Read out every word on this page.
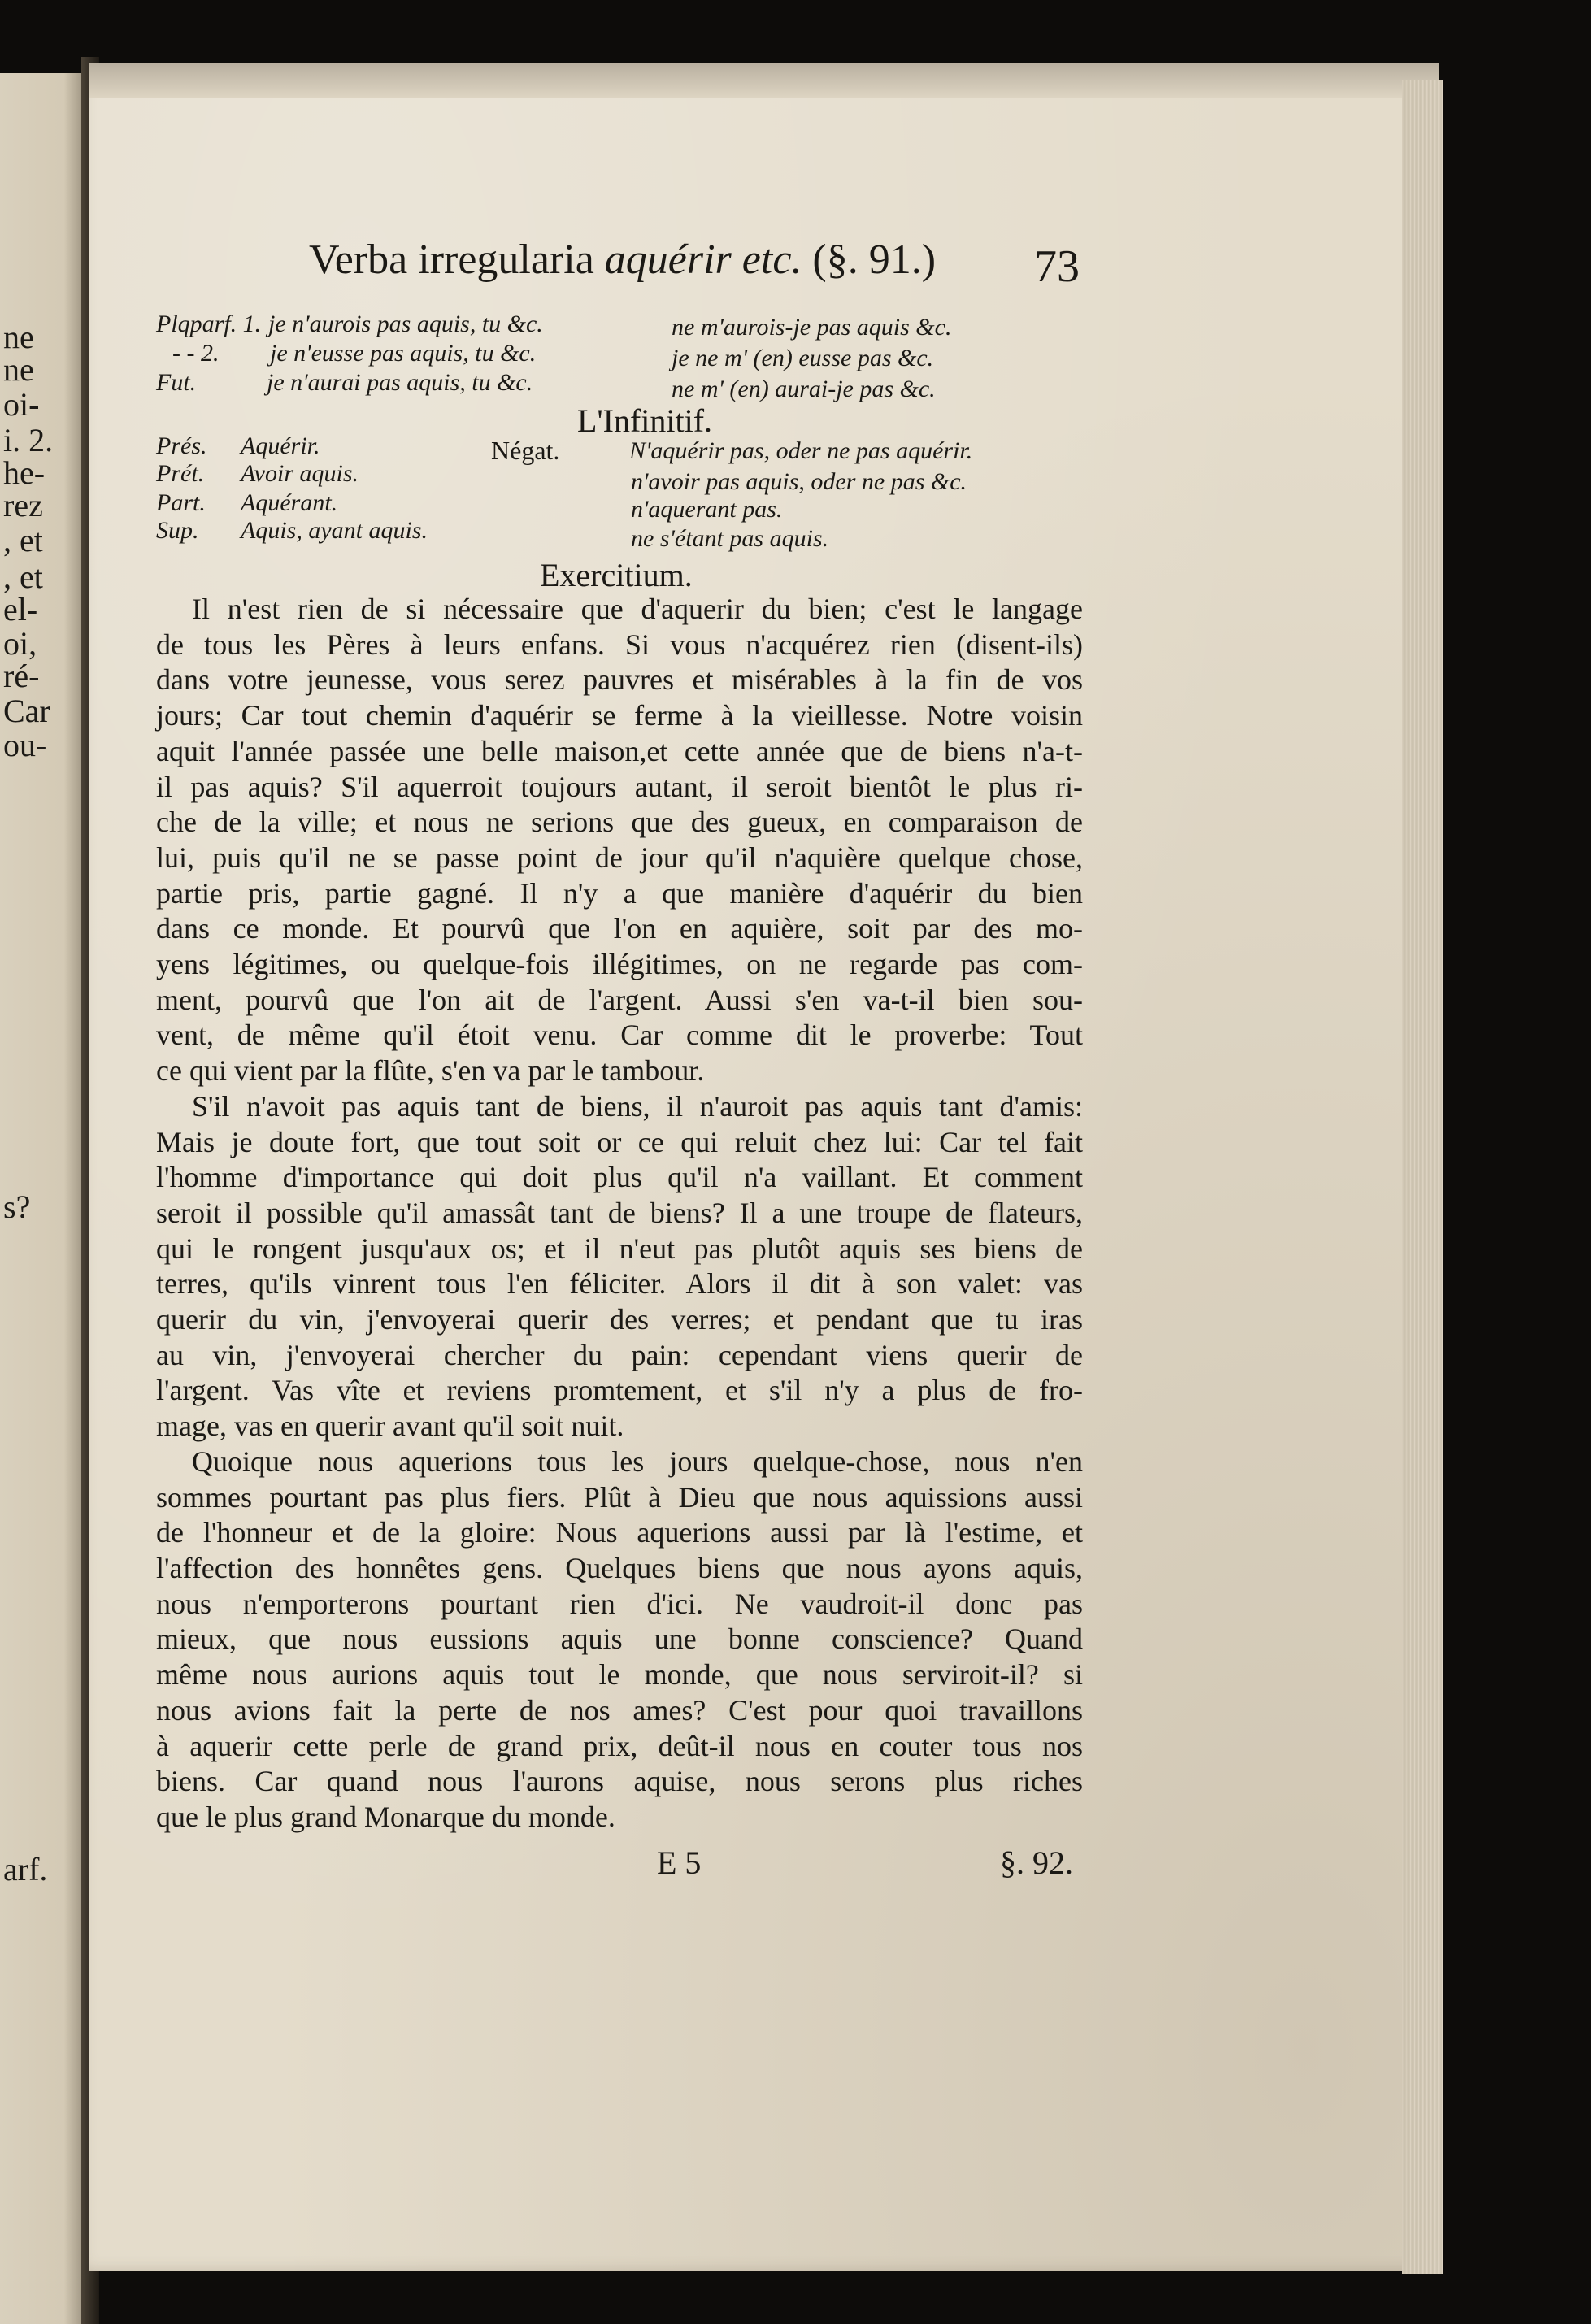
ne
ne
oi-
i. 2.
he-
rez
, et
, et
el-
oi,
ré-
Car
ou-
s?
arf.
Verba irregularia aquérir etc. (§. 91.) 73
Plqparf. 1. je n'aurois pas aquis, tu &c.	ne m'aurois-je pas aquis &c.
- - 2. je n'eusse pas aquis, tu &c.	je ne m' (en) eusse pas &c.
Fut.	je n'aurai pas aquis, tu &c.	ne m' (en) aurai-je pas &c.
L'Infinitif.
Négat.
Prés. Aquérir.	N'aquérir pas, oder ne pas aquérir.
Prét. Avoir aquis.	n'avoir pas aquis, oder ne pas &c.
Part. Aquérant.	n'aquerant pas.
Sup. Aquis, ayant aquis.	ne s'étant pas aquis.
Exercitium.

Il n'est rien de si nécessaire que d'aquerir du bien; c'est le langage
de tous les Pères à leurs enfans. Si vous n'acquérez rien (disent-ils)
dans votre jeunesse, vous serez pauvres et misérables à la fin de vos
jours; Car tout chemin d'aquérir se ferme à la vieillesse. Notre voisin
aquit l'année passée une belle maison,et cette année que de biens n'a-t-
il pas aquis? S'il aquerroit toujours autant, il seroit bientôt le plus ri-
che de la ville; et nous ne serions que des gueux, en comparaison de
lui, puis qu'il ne se passe point de jour qu'il n'aquière quelque chose,
partie pris, partie gagné. Il n'y a que manière d'aquérir du bien
dans ce monde. Et pourvû que l'on en aquière, soit par des mo-
yens légitimes, ou quelque-fois illégitimes, on ne regarde pas com-
ment, pourvû que l'on ait de l'argent. Aussi s'en va-t-il bien sou-
vent, de même qu'il étoit venu. Car comme dit le proverbe: Tout
ce qui vient par la flûte, s'en va par le tambour.

S'il n'avoit pas aquis tant de biens, il n'auroit pas aquis tant d'amis:
Mais je doute fort, que tout soit or ce qui reluit chez lui: Car tel fait
l'homme d'importance qui doit plus qu'il n'a vaillant. Et comment
seroit il possible qu'il amassât tant de biens? Il a une troupe de flateurs,
qui le rongent jusqu'aux os; et il n'eut pas plutôt aquis ses biens de
terres, qu'ils vinrent tous l'en féliciter. Alors il dit à son valet: vas
querir du vin, j'envoyerai querir des verres; et pendant que tu iras
au vin, j'envoyerai chercher du pain: cependant viens querir de
l'argent. Vas vîte et reviens promtement, et s'il n'y a plus de fro-
mage, vas en querir avant qu'il soit nuit.

Quoique nous aquerions tous les jours quelque-chose, nous n'en
sommes pourtant pas plus fiers. Plût à Dieu que nous aquissions aussi
de l'honneur et de la gloire: Nous aquerions aussi par là l'estime, et
l'affection des honnêtes gens. Quelques biens que nous ayons aquis,
nous n'emporterons pourtant rien d'ici. Ne vaudroit-il donc pas
mieux, que nous eussions aquis une bonne conscience? Quand
même nous aurions aquis tout le monde, que nous serviroit-il? si
nous avions fait la perte de nos ames? C'est pour quoi travaillons
à aquerir cette perle de grand prix, deût-il nous en couter tous nos
biens. Car quand nous l'aurons aquise, nous serons plus riches
que le plus grand Monarque du monde.

E 5	§. 92.
